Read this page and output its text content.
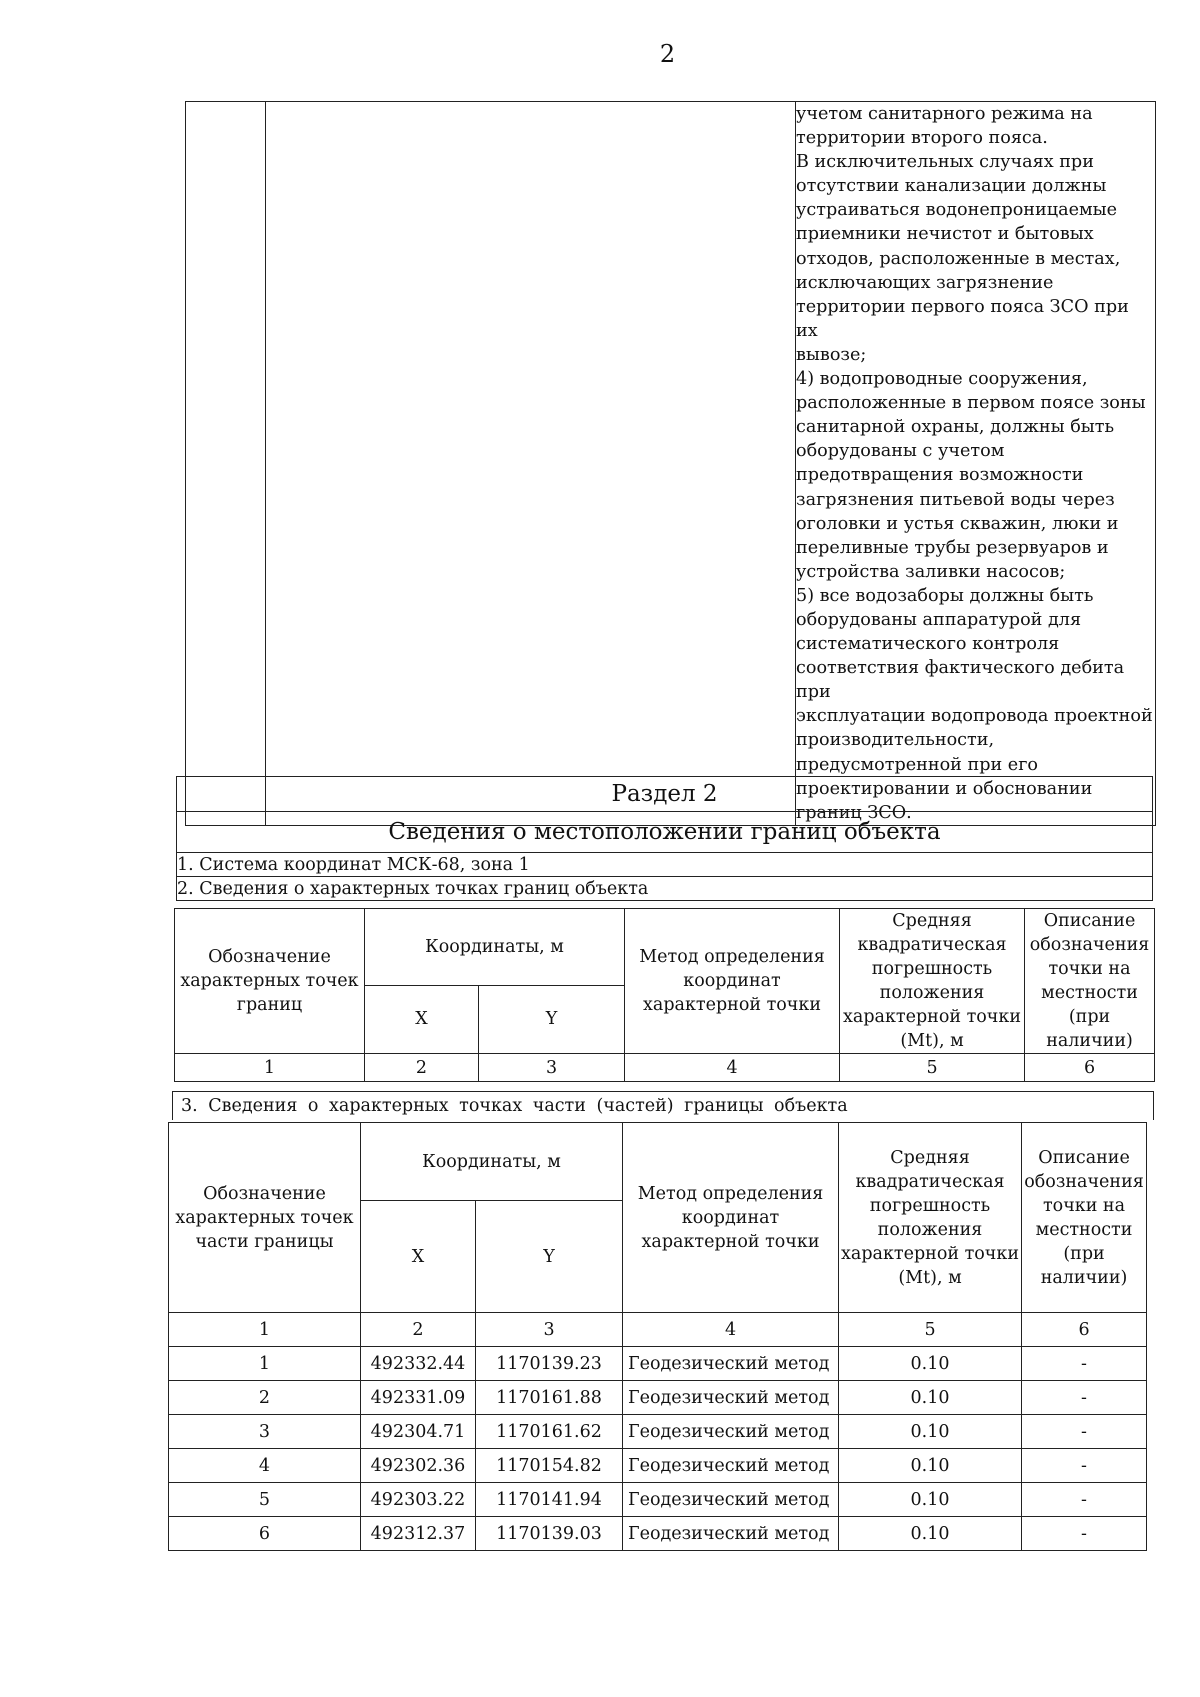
2

учетом санитарного режима на
территории второго пояса.
В исключительных случаях при
отсутствии канализации должны
устраиваться водонепроницаемые
приемники нечистот и бытовых
отходов, расположенные в местах,
исключающих загрязнение
территории первого пояса ЗСО при их
вывозе;
4) водопроводные сооружения,
расположенные в первом поясе зоны
санитарной охраны, должны быть
оборудованы с учетом
предотвращения возможности
загрязнения питьевой воды через
оголовки и устья скважин, люки и
переливные трубы резервуаров и
устройства заливки насосов;
5) все водозаборы должны быть
оборудованы аппаратурой для
систематического контроля
соответствия фактического дебита при
эксплуатации водопровода проектной
производительности,
предусмотренной при его
проектировании и обосновании
границ ЗСО.
Раздел 2
Сведения о местоположении границ объекта
1. Система координат МСК-68, зона 1
2. Сведения о характерных точках границ объекта
Обозначение характерных точек границ	Координаты, м		Метод определения координат характерной точки	Средняя квадратическая погрешность положения характерной точки (Mt), м	Описание обозначения точки на местности (при наличии)
	X	Y			
1	2	3	4	5	6
3. Сведения о характерных точках части (частей) границы объекта
Обозначение характерных точек части границы	Координаты, м		Метод определения координат характерной точки	Средняя квадратическая погрешность положения характерной точки (Mt), м	Описание обозначения точки на местности (при наличии)
	X	Y			
1	2	3	4	5	6
1	492332.44	1170139.23	Геодезический метод	0.10	-
2	492331.09	1170161.88	Геодезический метод	0.10	-
3	492304.71	1170161.62	Геодезический метод	0.10	-
4	492302.36	1170154.82	Геодезический метод	0.10	-
5	492303.22	1170141.94	Геодезический метод	0.10	-
6	492312.37	1170139.03	Геодезический метод	0.10	-
